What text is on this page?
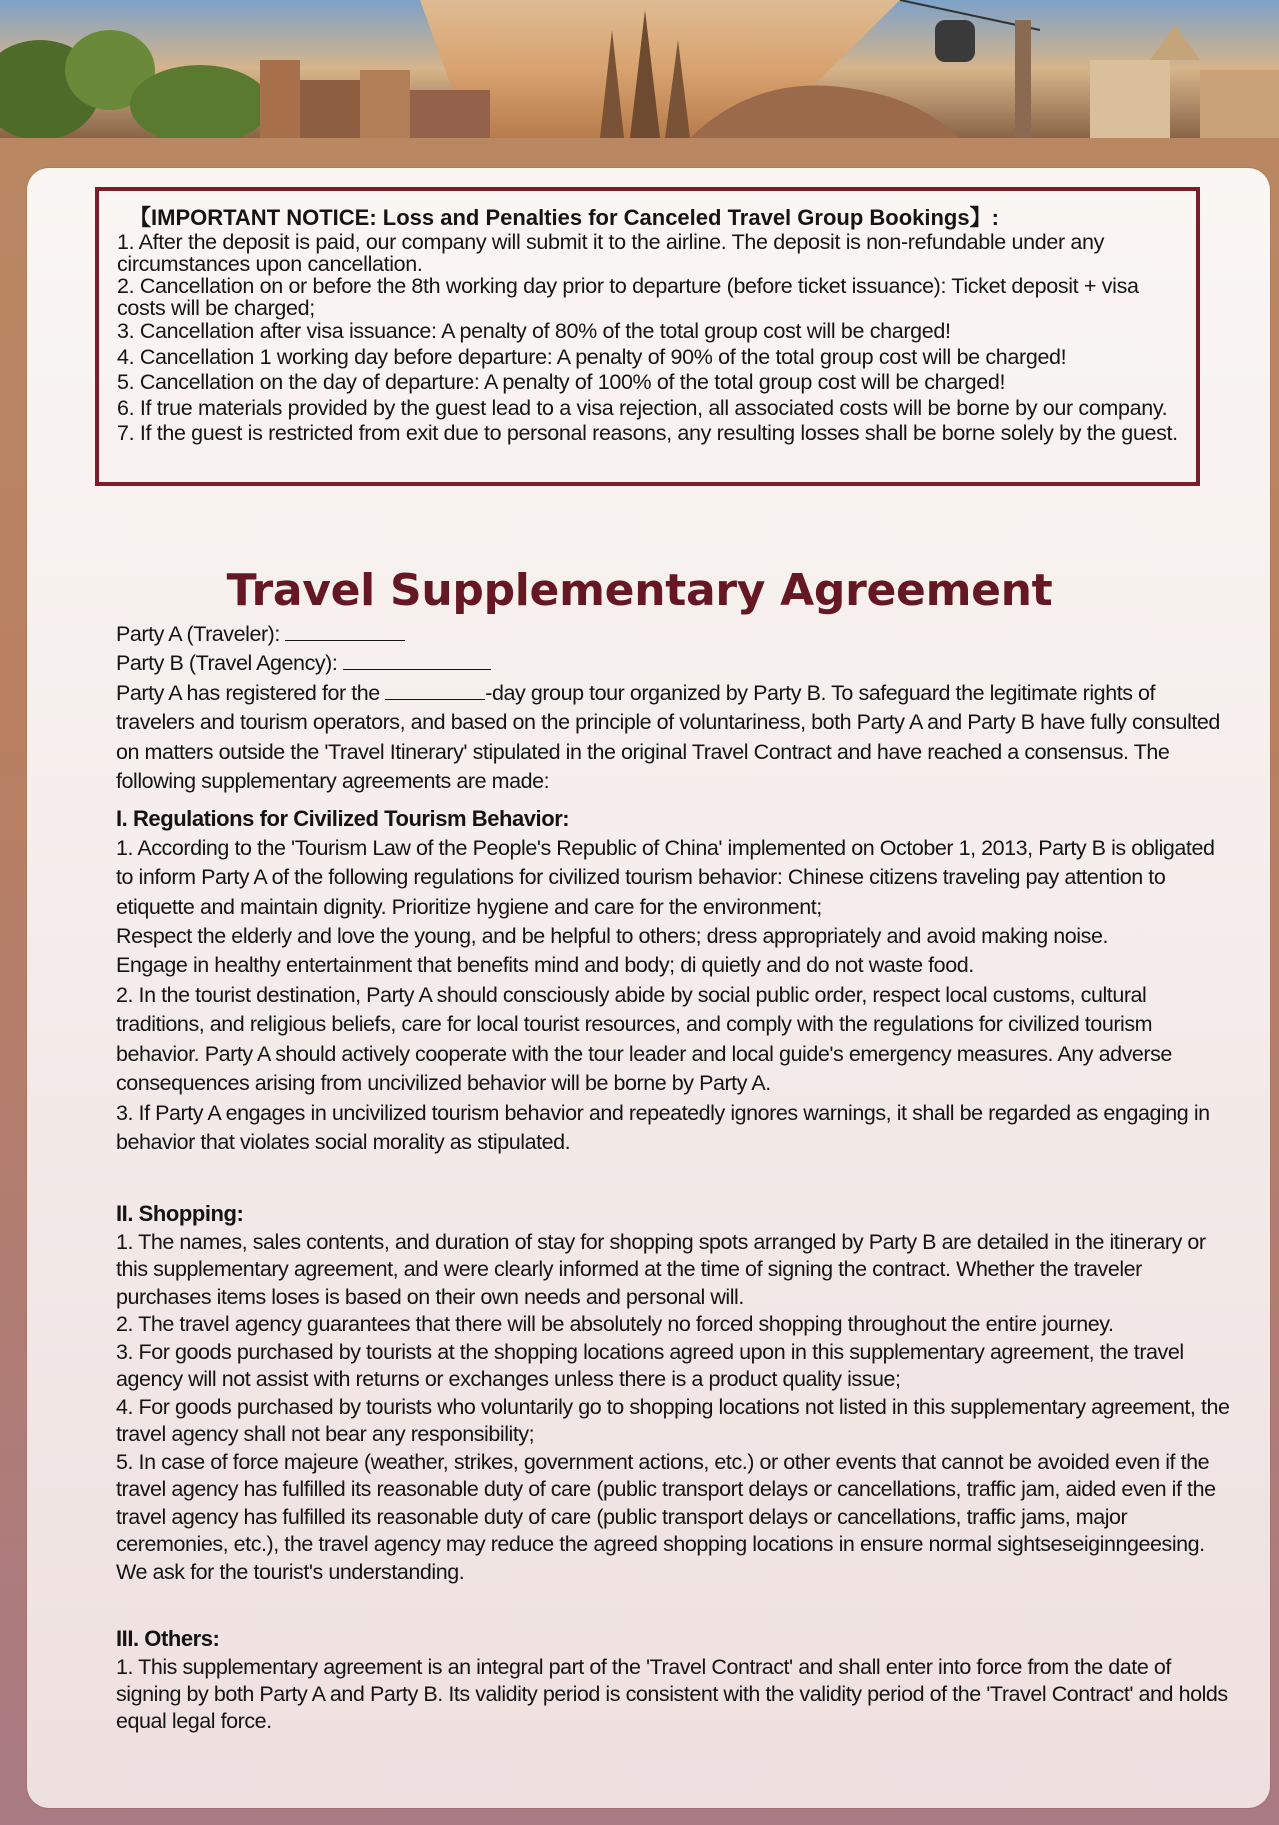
【IMPORTANT NOTICE: Loss and Penalties for Canceled Travel Group Bookings】:
1. After the deposit is paid, our company will submit it to the airline. The deposit is non-refundable under any circumstances upon cancellation.
2. Cancellation on or before the 8th working day prior to departure (before ticket issuance): Ticket deposit + visa costs will be charged;
3. Cancellation after visa issuance: A penalty of 80% of the total group cost will be charged!
4. Cancellation 1 working day before departure: A penalty of 90% of the total group cost will be charged!
5. Cancellation on the day of departure: A penalty of 100% of the total group cost will be charged!
6. If true materials provided by the guest lead to a visa rejection, all associated costs will be borne by our company.
7. If the guest is restricted from exit due to personal reasons, any resulting losses shall be borne solely by the guest.
Travel Supplementary Agreement

Party A (Traveler):

Party B (Travel Agency):

Party A has registered for the	-day group tour organized by Party B. To safeguard the legitimate rights of travelers and tourism operators, and based on the principle of voluntariness, both Party A and Party B have fully consulted on matters outside the 'Travel Itinerary' stipulated in the original Travel Contract and have reached a consensus. The following supplementary agreements are made:

I. Regulations for Civilized Tourism Behavior:

1. According to the 'Tourism Law of the People's Republic of China' implemented on October 1, 2013, Party B is obligated to inform Party A of the following regulations for civilized tourism behavior: Chinese citizens traveling pay attention to etiquette and maintain dignity. Prioritize hygiene and care for the environment;

Respect the elderly and love the young, and be helpful to others; dress appropriately and avoid making noise.

Engage in healthy entertainment that benefits mind and body; di quietly and do not waste food.

2. In the tourist destination, Party A should consciously abide by social public order, respect local customs, cultural traditions, and religious beliefs, care for local tourist resources, and comply with the regulations for civilized tourism behavior. Party A should actively cooperate with the tour leader and local guide's emergency measures. Any adverse consequences arising from uncivilized behavior will be borne by Party A.

3. If Party A engages in uncivilized tourism behavior and repeatedly ignores warnings, it shall be regarded as engaging in behavior that violates social morality as stipulated.

II. Shopping:

1. The names, sales contents, and duration of stay for shopping spots arranged by Party B are detailed in the itinerary or this supplementary agreement, and were clearly informed at the time of signing the contract. Whether the traveler purchases items loses is based on their own needs and personal will.

2. The travel agency guarantees that there will be absolutely no forced shopping throughout the entire journey.

3. For goods purchased by tourists at the shopping locations agreed upon in this supplementary agreement, the travel agency will not assist with returns or exchanges unless there is a product quality issue;

4. For goods purchased by tourists who voluntarily go to shopping locations not listed in this supplementary agreement, the travel agency shall not bear any responsibility;

5. In case of force majeure (weather, strikes, government actions, etc.) or other events that cannot be avoided even if the travel agency has fulfilled its reasonable duty of care (public transport delays or cancellations, traffic jam, aided even if the travel agency has fulfilled its reasonable duty of care (public transport delays or cancellations, traffic jams, major ceremonies, etc.), the travel agency may reduce the agreed shopping locations in ensure normal sightseseiginngeesing. We ask for the tourist's understanding.

III. Others:

1. This supplementary agreement is an integral part of the 'Travel Contract' and shall enter into force from the date of signing by both Party A and Party B. Its validity period is consistent with the validity period of the 'Travel Contract' and holds equal legal force.
